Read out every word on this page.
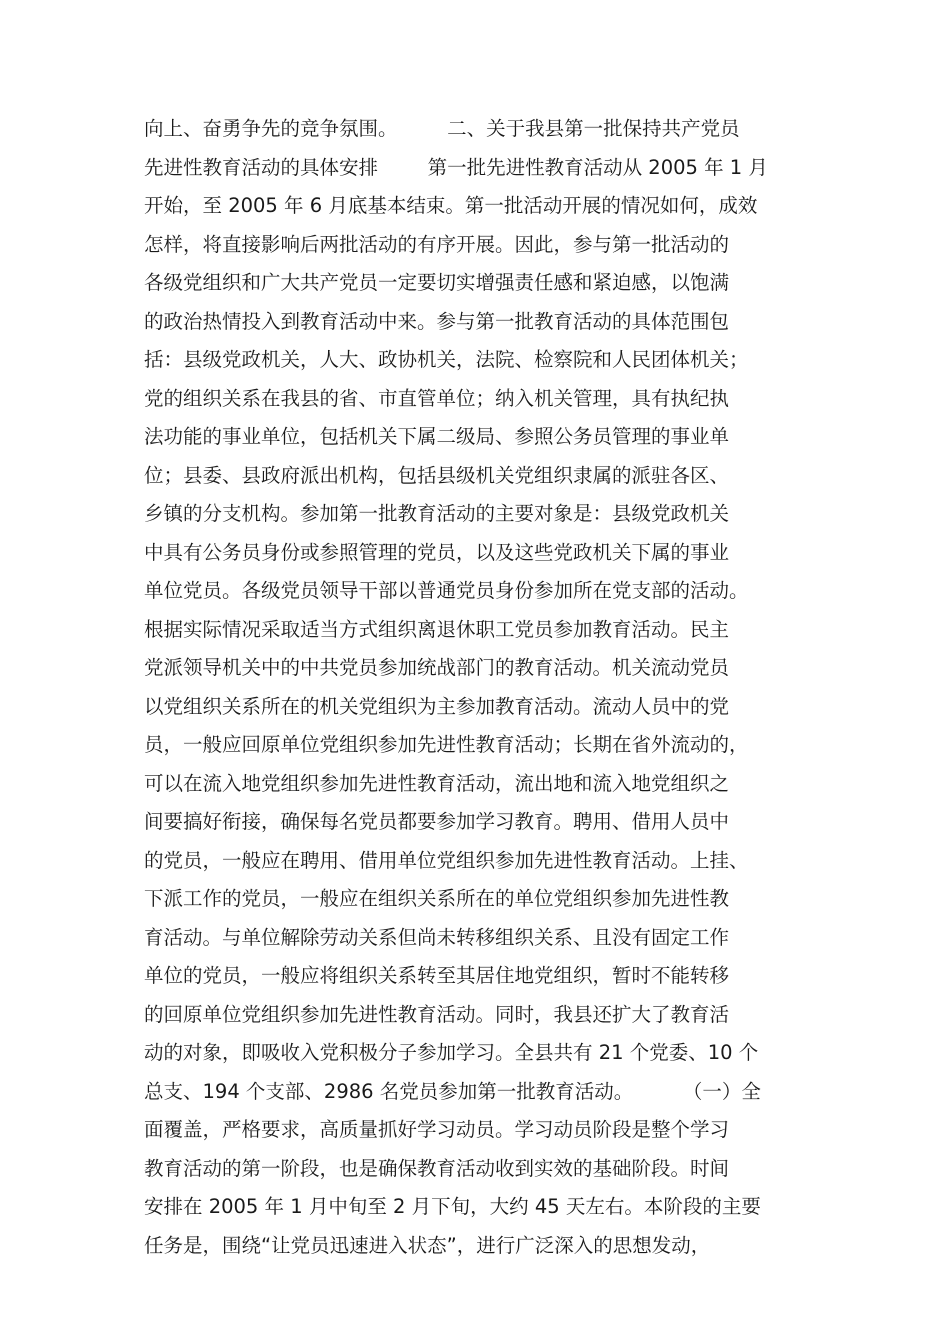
向上、奋勇争先的竞争氛围。        二、关于我县第一批保持共产党员
先进性教育活动的具体安排        第一批先进性教育活动从 2005 年 1 月
开始，至 2005 年 6 月底基本结束。第一批活动开展的情况如何，成效
怎样，将直接影响后两批活动的有序开展。因此，参与第一批活动的
各级党组织和广大共产党员一定要切实增强责任感和紧迫感，以饱满
的政治热情投入到教育活动中来。参与第一批教育活动的具体范围包
括：县级党政机关，人大、政协机关，法院、检察院和人民团体机关；
党的组织关系在我县的省、市直管单位；纳入机关管理，具有执纪执
法功能的事业单位，包括机关下属二级局、参照公务员管理的事业单
位；县委、县政府派出机构，包括县级机关党组织隶属的派驻各区、
乡镇的分支机构。参加第一批教育活动的主要对象是：县级党政机关
中具有公务员身份或参照管理的党员，以及这些党政机关下属的事业
单位党员。各级党员领导干部以普通党员身份参加所在党支部的活动。
根据实际情况采取适当方式组织离退休职工党员参加教育活动。民主
党派领导机关中的中共党员参加统战部门的教育活动。机关流动党员
以党组织关系所在的机关党组织为主参加教育活动。流动人员中的党
员，一般应回原单位党组织参加先进性教育活动；长期在省外流动的，
可以在流入地党组织参加先进性教育活动，流出地和流入地党组织之
间要搞好衔接，确保每名党员都要参加学习教育。聘用、借用人员中
的党员，一般应在聘用、借用单位党组织参加先进性教育活动。上挂、
下派工作的党员，一般应在组织关系所在的单位党组织参加先进性教
育活动。与单位解除劳动关系但尚未转移组织关系、且没有固定工作
单位的党员，一般应将组织关系转至其居住地党组织，暂时不能转移
的回原单位党组织参加先进性教育活动。同时，我县还扩大了教育活
动的对象，即吸收入党积极分子参加学习。全县共有 21 个党委、10 个
总支、194 个支部、2986 名党员参加第一批教育活动。        （一）全
面覆盖，严格要求，高质量抓好学习动员。学习动员阶段是整个学习
教育活动的第一阶段，也是确保教育活动收到实效的基础阶段。时间
安排在 2005 年 1 月中旬至 2 月下旬，大约 45 天左右。本阶段的主要
任务是，围绕“让党员迅速进入状态”，进行广泛深入的思想发动，
